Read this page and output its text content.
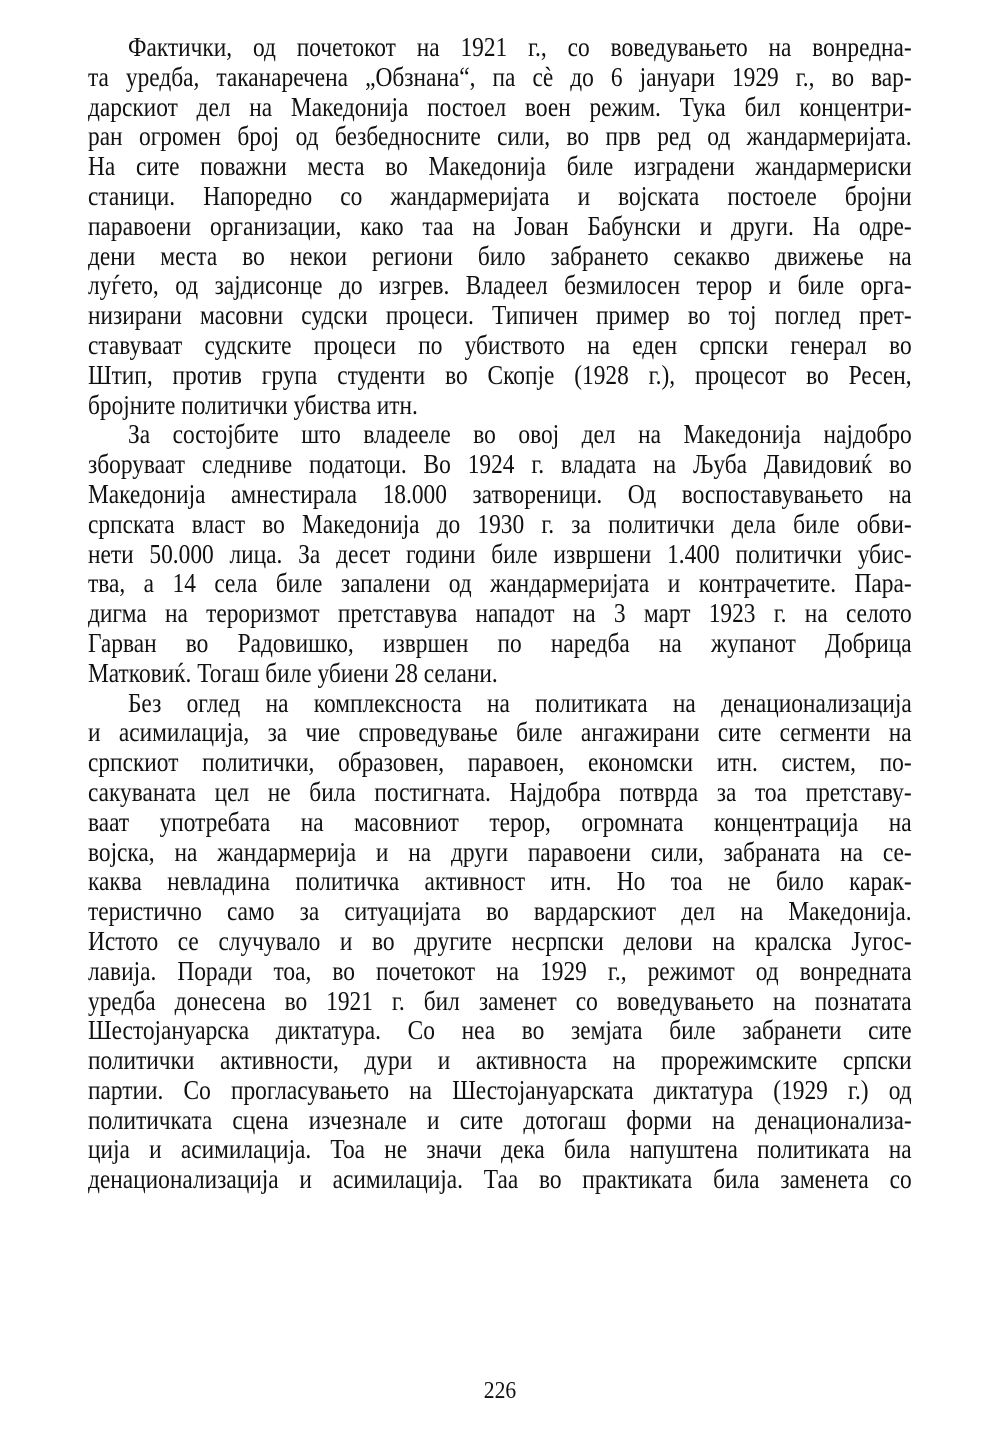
Фактички, од почетокот на 1921 г., со воведувањето на вонредна-
та уредба, таканаречена „Обзнана“, па сè до 6 јануари 1929 г., во вар-
дарскиот дел на Македонија постоел воен режим. Тука бил концентри-
ран огромен број од безбедносните сили, во прв ред од жандармеријата.
На сите поважни места во Македонија биле изградени жандармериски
станици. Напоредно со жандармеријата и војската постоеле бројни
паравоени организации, како таа на Јован Бабунски и други. На одре-
дени места во некои региони било забрането секакво движење на
луѓето, од зајдисонце до изгрев. Владеел безмилосен терор и биле орга-
низирани масовни судски процеси. Типичен пример во тој поглед прет-
ставуваат судските процеси по убиството на еден српски генерал во
Штип, против група студенти во Скопје (1928 г.), процесот во Ресен,
бројните политички убиства итн.
За состојбите што владееле во овој дел на Македонија најдобро
зборуваат следниве податоци. Во 1924 г. владата на Љуба Давидовиќ во
Македонија амнестирала 18.000 затвореници. Од воспоставувањето на
српската власт во Македонија до 1930 г. за политички дела биле обви-
нети 50.000 лица. За десет години биле извршени 1.400 политички убис-
тва, а 14 села биле запалени од жандармеријата и контрачетите. Пара-
дигма на тероризмот претставува нападот на 3 март 1923 г. на селото
Гарван во Радовишко, извршен по наредба на жупанот Добрица
Матковиќ. Тогаш биле убиени 28 селани.
Без оглед на комплексноста на политиката на денационализација
и асимилација, за чие спроведување биле ангажирани сите сегменти на
српскиот политички, образовен, паравоен, економски итн. систем, по-
сакуваната цел не била постигната. Најдобра потврда за тоа претставу-
ваат употребата на масовниот терор, огромната концентрација на
војска, на жандармерија и на други паравоени сили, забраната на се-
каква невладина политичка активност итн. Но тоа не било карак-
теристично само за ситуацијата во вардарскиот дел на Македонија.
Истото се случувало и во другите несрпски делови на кралска Југос-
лавија. Поради тоа, во почетокот на 1929 г., режимот од вонредната
уредба донесена во 1921 г. бил заменет со воведувањето на познатата
Шестојануарска диктатура. Со неа во земјата биле забранети сите
политички активности, дури и активноста на прорежимските српски
партии. Со прогласувањето на Шестојануарската диктатура (1929 г.) од
политичката сцена изчезнале и сите дотогаш форми на денационализа-
ција и асимилација. Тоа не значи дека била напуштена политиката на
денационализација и асимилација. Таа во практиката била заменета со
226
